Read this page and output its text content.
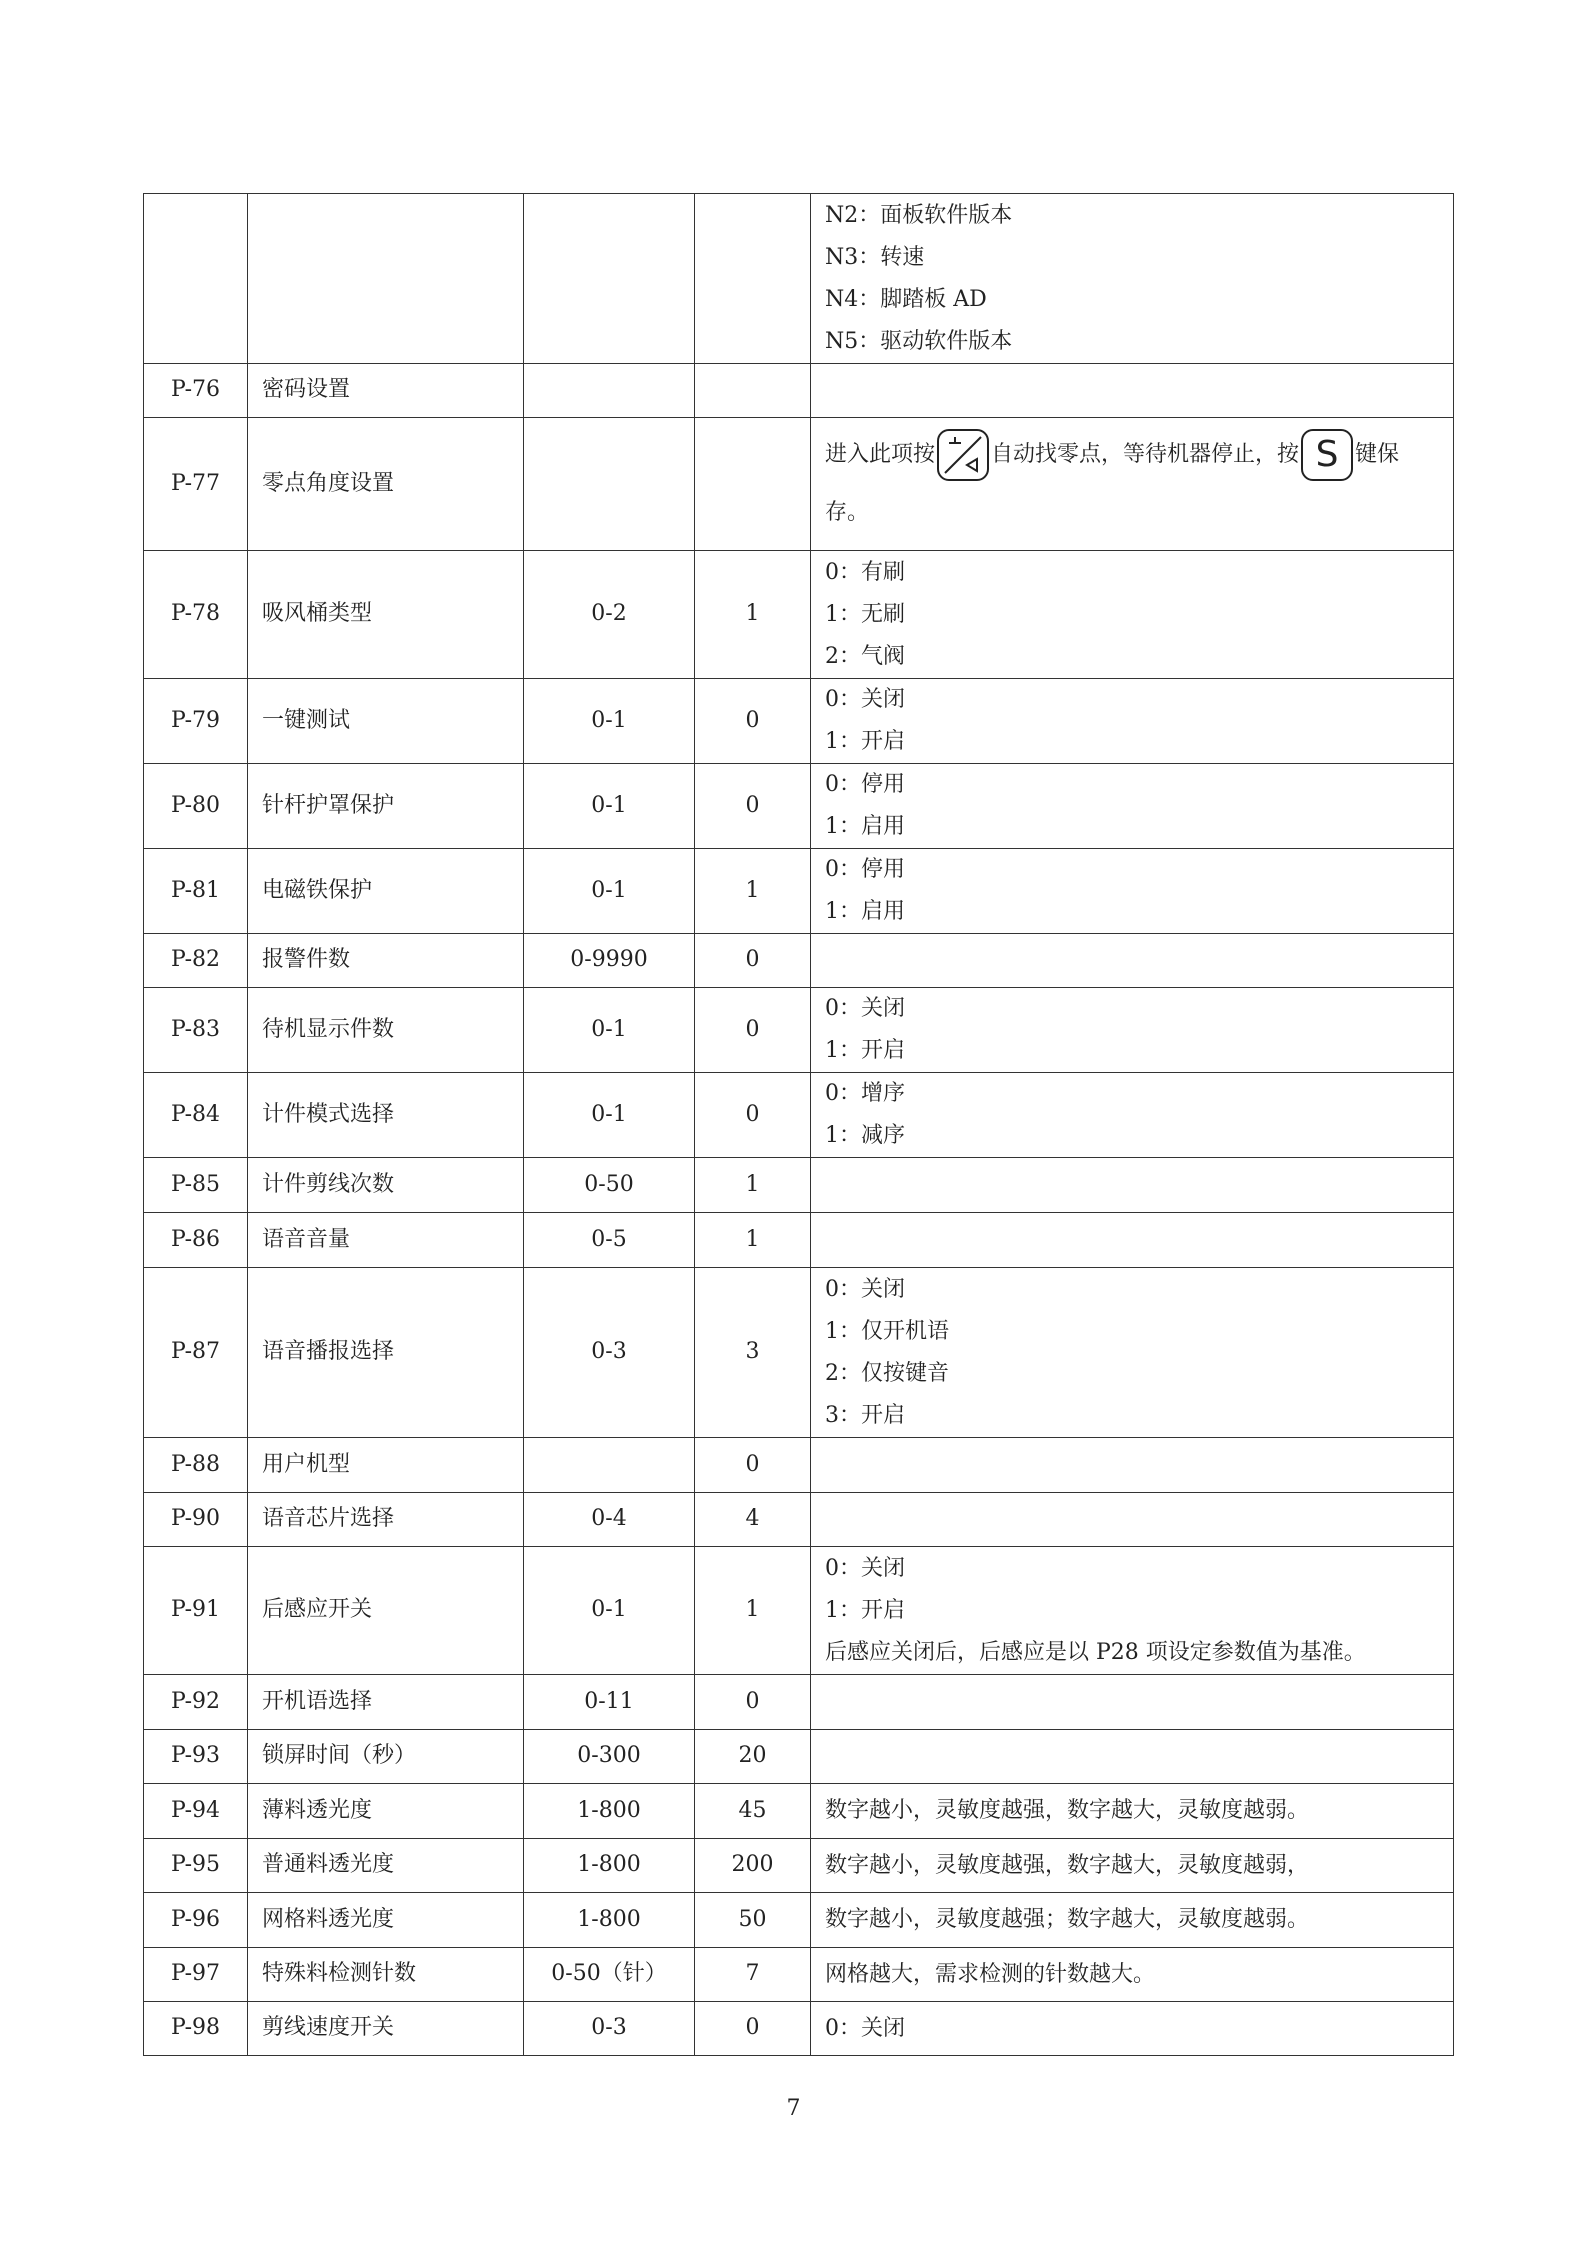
				N2：面板软件版本
N3：转速
N4：脚踏板 AD
N5：驱动软件版本

P-76	密码设置			
P-77	零点角度设置			进入此项按 自动找零点，等待机器停止，按 S 键保存。

P-78	吸风桶类型	0-2	1	0：有刷
1：无刷
2：气阀

P-79	一键测试	0-1	0	0：关闭
1：开启

P-80	针杆护罩保护	0-1	0	0：停用
1：启用

P-81	电磁铁保护	0-1	1	0：停用
1：启用

P-82	报警件数	0-9990	0	
P-83	待机显示件数	0-1	0	0：关闭
1：开启

P-84	计件模式选择	0-1	0	0：增序
1：减序

P-85	计件剪线次数	0-50	1	
P-86	语音音量	0-5	1	
P-87	语音播报选择	0-3	3	0：关闭
1：仅开机语
2：仅按键音
3：开启

P-88	用户机型		0	
P-90	语音芯片选择	0-4	4	
P-91	后感应开关	0-1	1	0：关闭
1：开启
后感应关闭后，后感应是以 P28 项设定参数值为基准。

P-92	开机语选择	0-11	0	
P-93	锁屏时间（秒）	0-300	20	
P-94	薄料透光度	1-800	45	数字越小，灵敏度越强，数字越大，灵敏度越弱。

P-95	普通料透光度	1-800	200	数字越小，灵敏度越强，数字越大，灵敏度越弱，

P-96	网格料透光度	1-800	50	数字越小，灵敏度越强；数字越大，灵敏度越弱。

P-97	特殊料检测针数	0-50（针）	7	网格越大，需求检测的针数越大。

P-98	剪线速度开关	0-3	0	0：关闭
7
